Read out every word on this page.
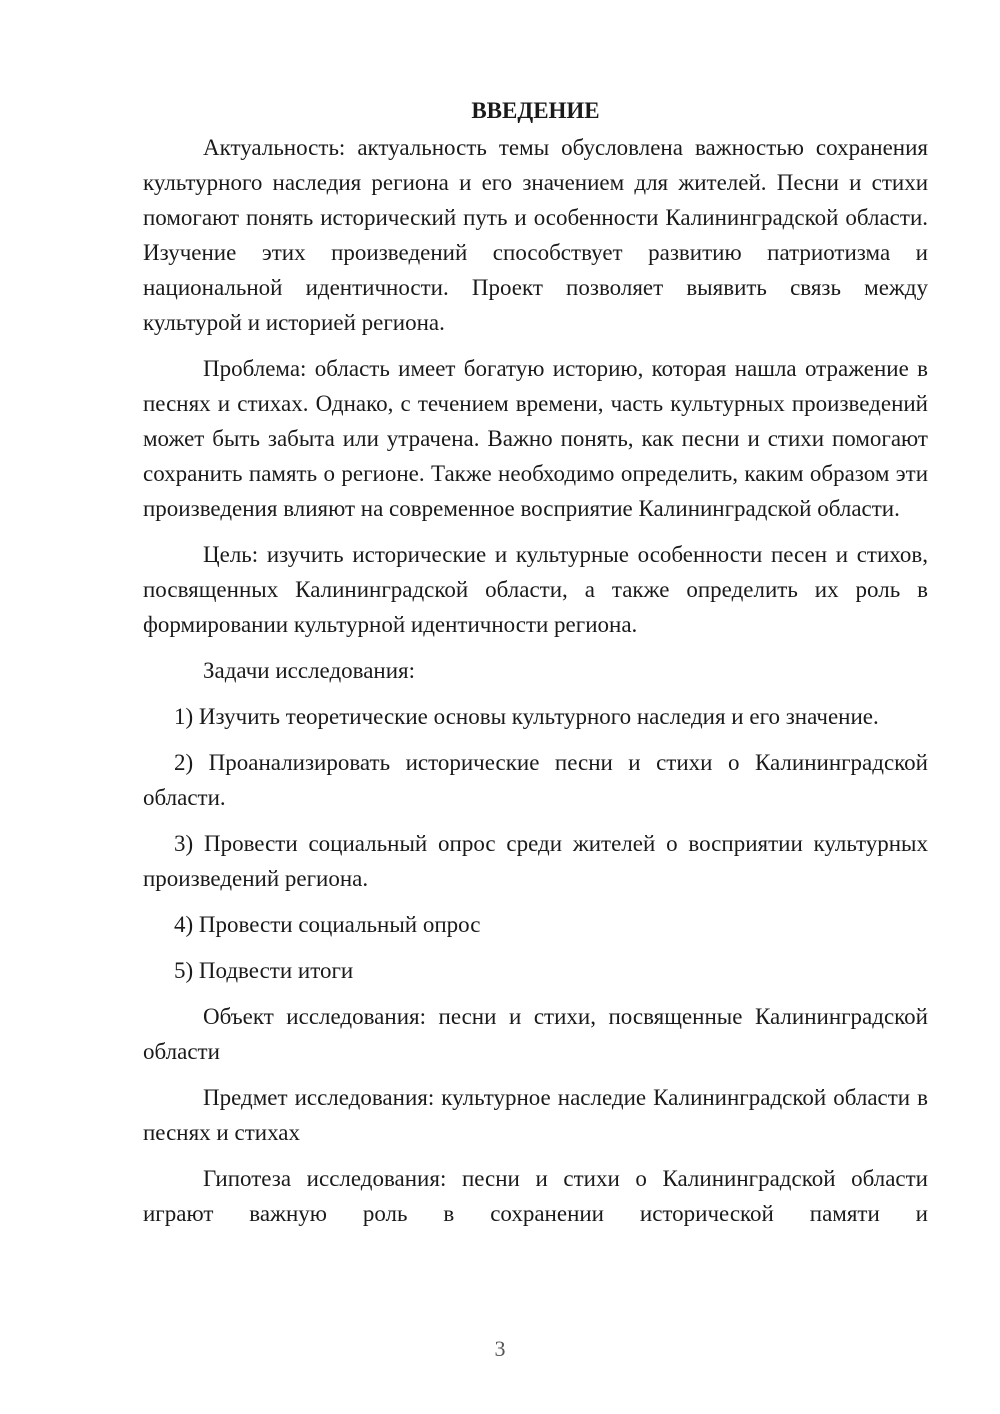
ВВЕДЕНИЕ

Актуальность: актуальность темы обусловлена важностью сохранения культурного наследия региона и его значением для жителей. Песни и стихи помогают понять исторический путь и особенности Калининградской области. Изучение этих произведений способствует развитию патриотизма и национальной идентичности. Проект позволяет выявить связь между культурой и историей региона.

Проблема: область имеет богатую историю, которая нашла отражение в песнях и стихах. Однако, с течением времени, часть культурных произведений может быть забыта или утрачена. Важно понять, как песни и стихи помогают сохранить память о регионе. Также необходимо определить, каким образом эти произведения влияют на современное восприятие Калининградской области.

Цель: изучить исторические и культурные особенности песен и стихов, посвященных Калининградской области, а также определить их роль в формировании культурной идентичности региона.

Задачи исследования:

1) Изучить теоретические основы культурного наследия и его значение.

2) Проанализировать исторические песни и стихи о Калининградской области.

3) Провести социальный опрос среди жителей о восприятии культурных произведений региона.

4) Провести социальный опрос

5) Подвести итоги

Объект исследования: песни и стихи, посвященные Калининградской области

Предмет исследования: культурное наследие Калининградской области в песнях и стихах

Гипотеза исследования: песни и стихи о Калининградской области играют важную роль в сохранении исторической памяти и

3
